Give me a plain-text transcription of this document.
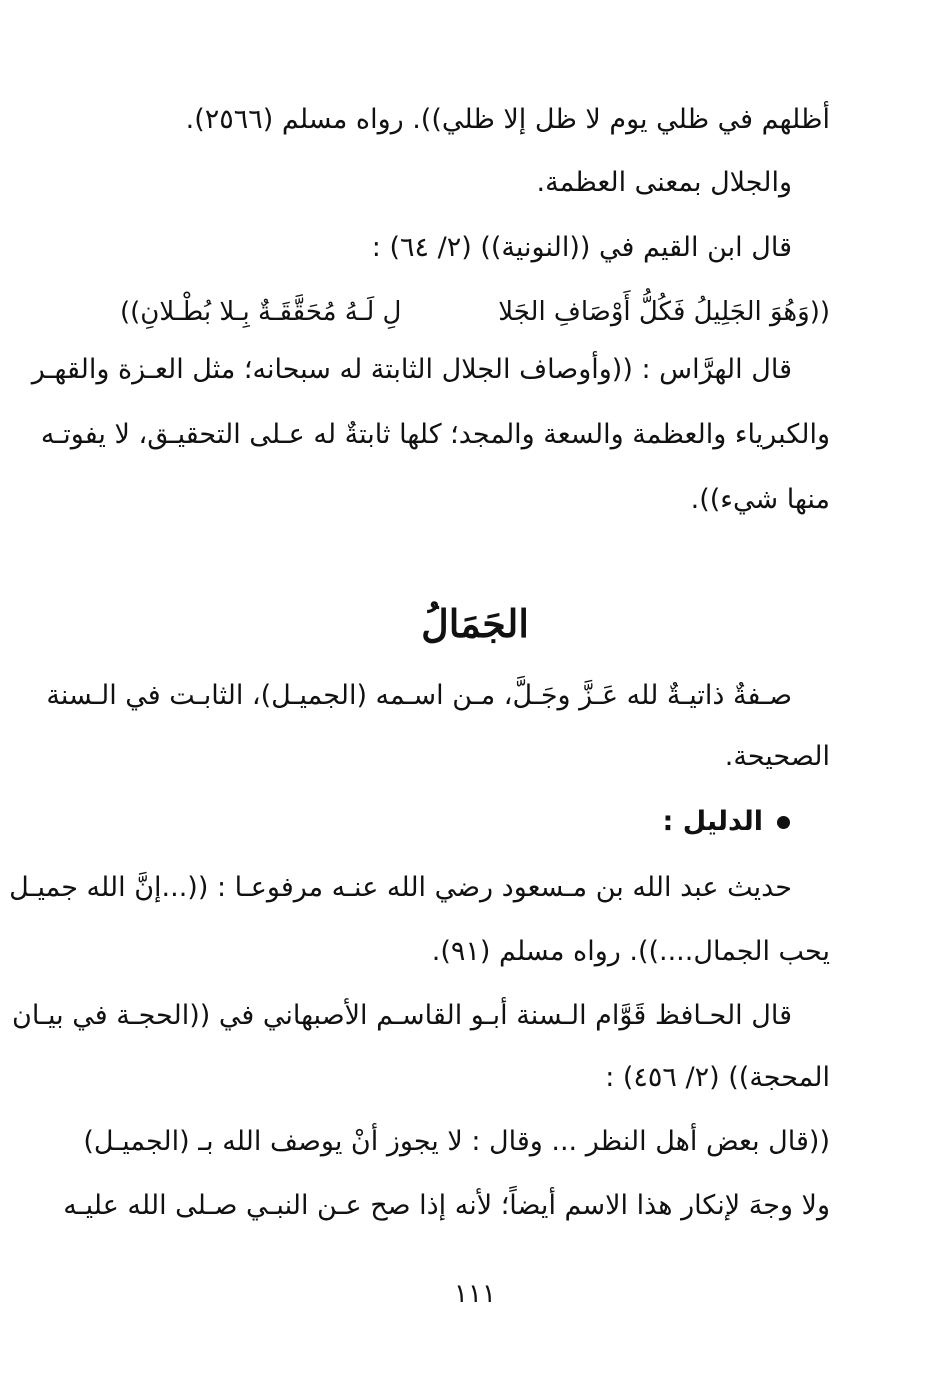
أظلهم في ظلي يوم لا ظل إلا ظلي)). رواه مسلم (٢٥٦٦).
والجلال بمعنى العظمة.
قال ابن القيم في ((النونية)) (٢/ ٦٤) :
((وَهُوَ الجَلِيلُ فَكُلُّ أَوْصَافِ الجَلا
لِ لَـهُ مُحَقَّقَـةٌ بِـلا بُطْـلانِ))
قال الهرَّاس : ((وأوصاف الجلال الثابتة له سبحانه؛ مثل العـزة والقهـر
والكبرياء والعظمة والسعة والمجد؛ كلها ثابتةٌ له عـلى التحقيـق، لا يفوتـه
منها شيء)).
الجَمَالُ
صـفةٌ ذاتيـةٌ لله عَـزَّ وجَـلَّ، مـن اسـمه (الجميـل)، الثابـت في الـسنة
الصحيحة.
الدليل :
حديث عبد الله بن مـسعود رضي الله عنـه مرفوعـا : ((...إنَّ الله جميـل
يحب الجمال....)). رواه مسلم (٩١).
قال الحـافظ قَوَّام الـسنة أبـو القاسـم الأصبهاني في ((الحجـة في بيـان
المحجة)) (٢/ ٤٥٦) :
((قال بعض أهل النظر ... وقال : لا يجوز أنْ يوصف الله بـ (الجميـل)
ولا وجهَ لإنكار هذا الاسم أيضاً؛ لأنه إذا صح عـن النبـي صـلى الله عليـه
١١١
